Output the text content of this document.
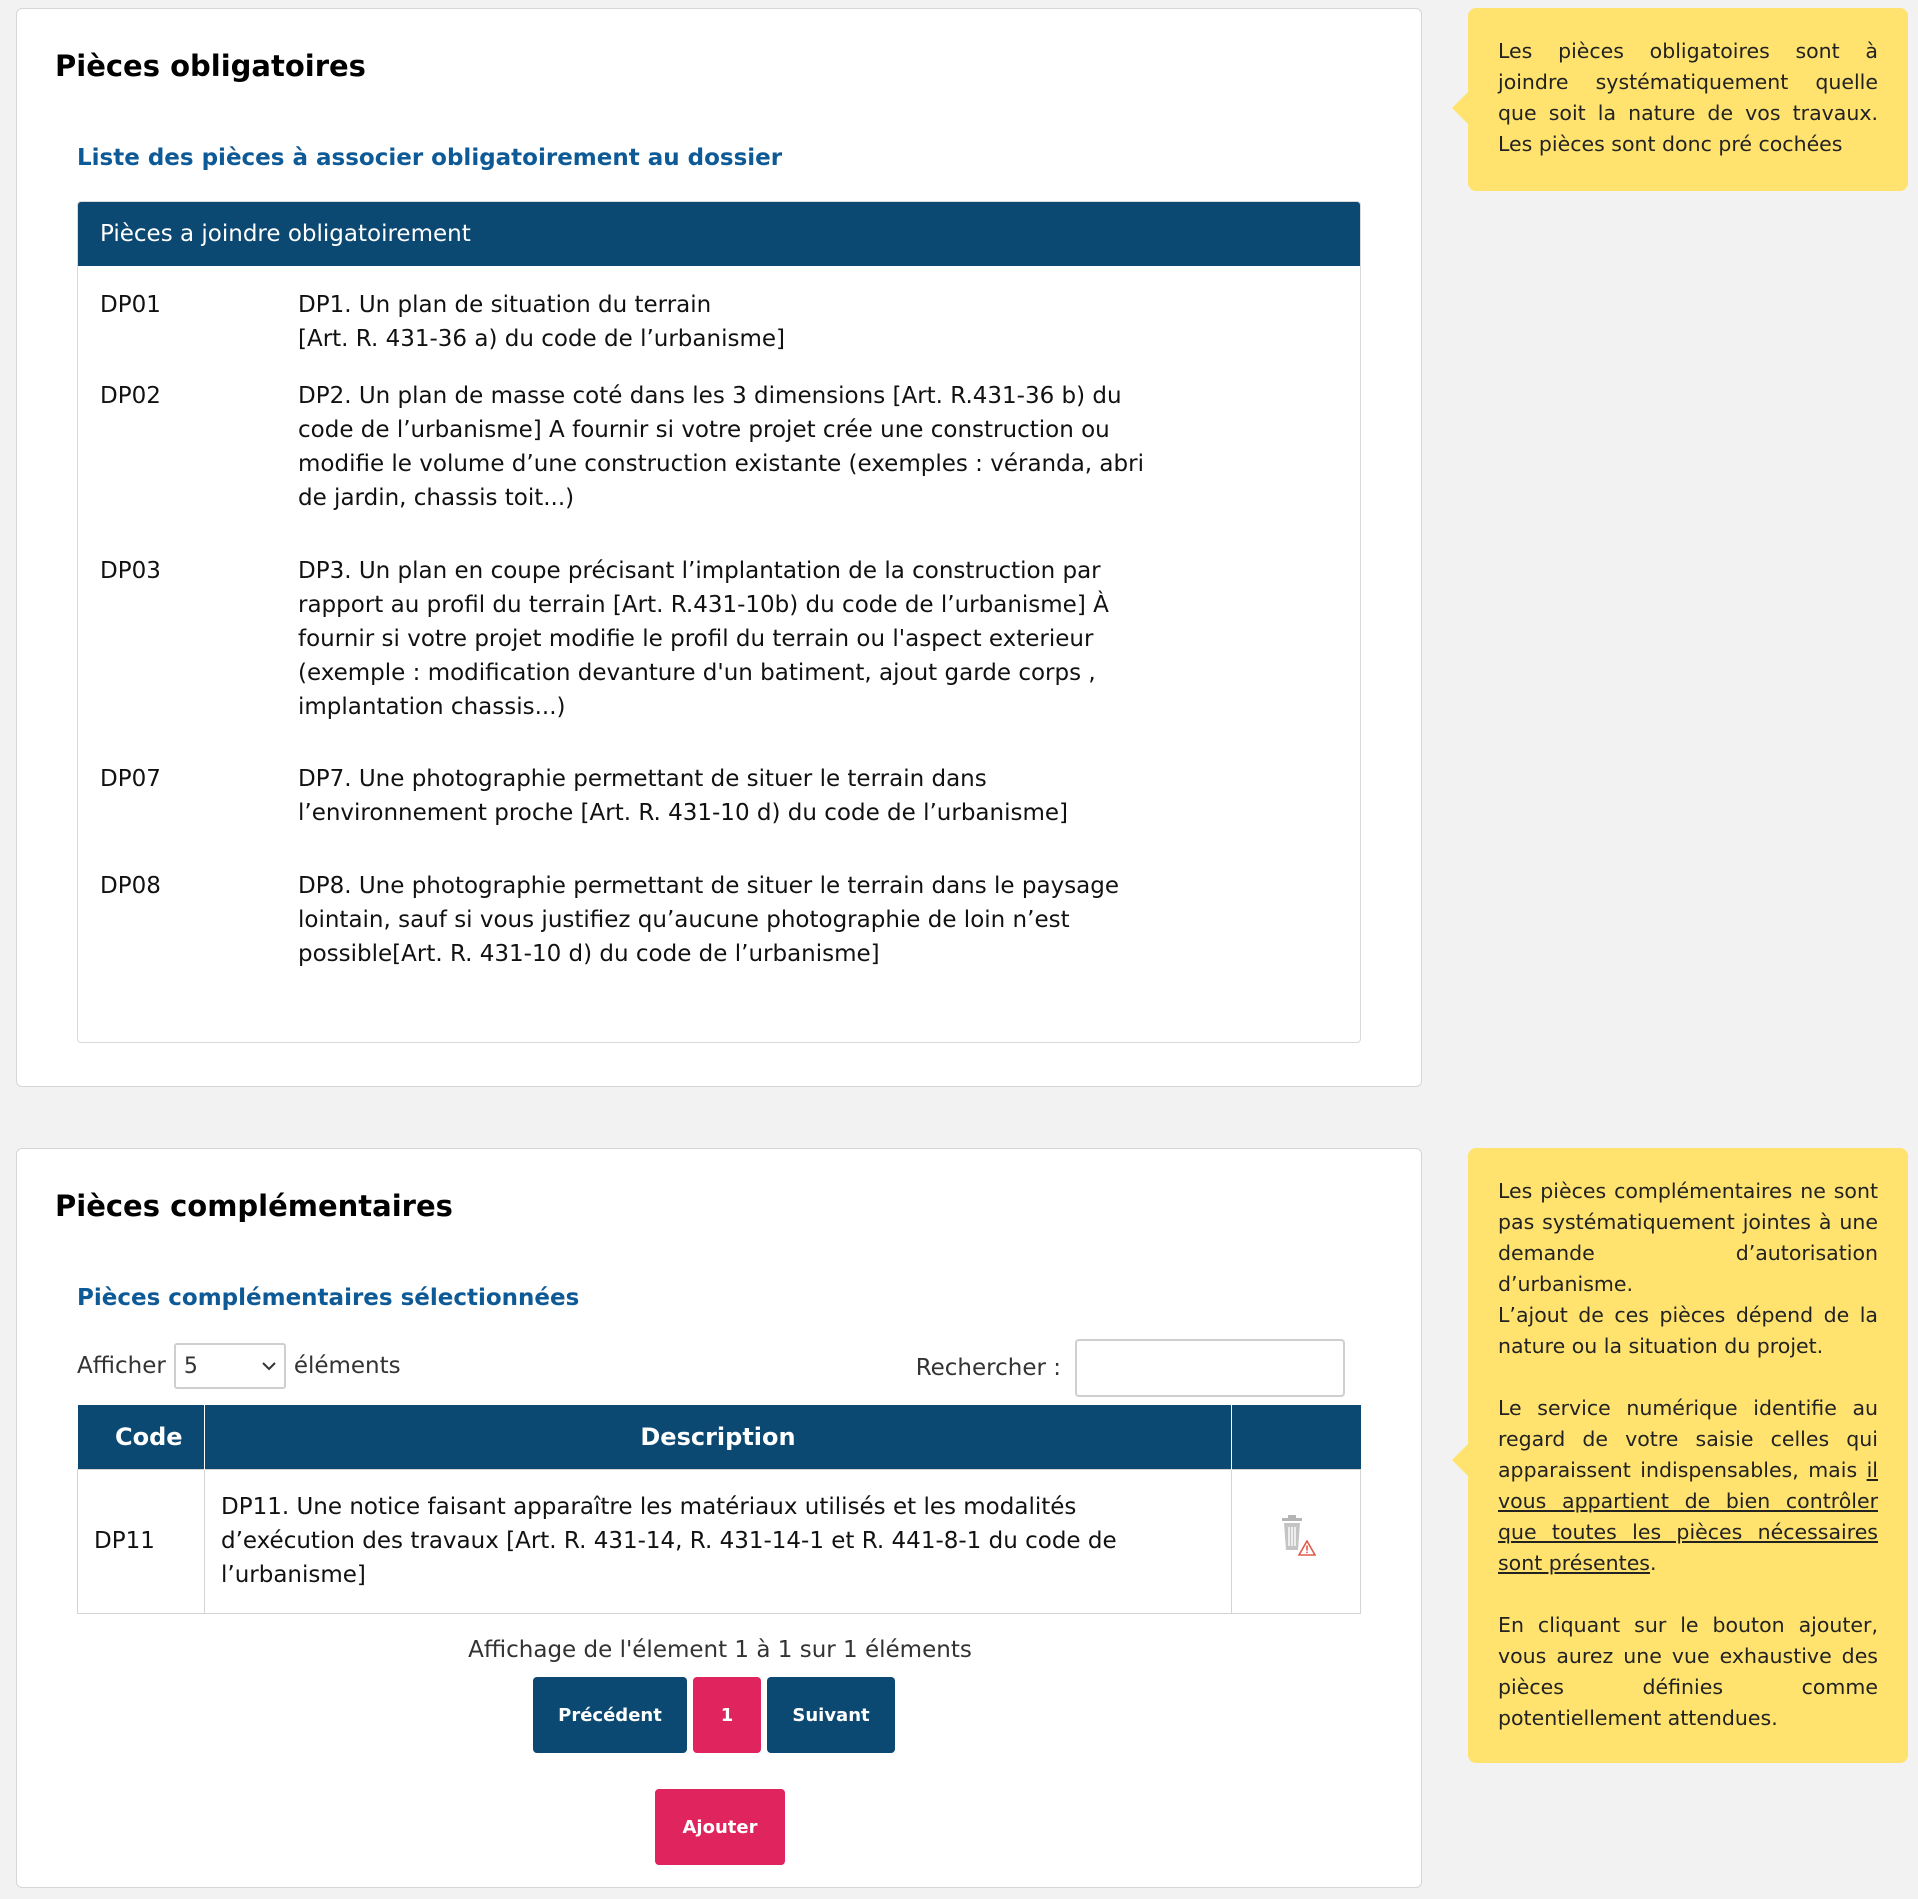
Pièces obligatoires
Liste des pièces à associer obligatoirement au dossier
Pièces a joindre obligatoirement
DP01	DP1. Un plan de situation du terrain
[Art. R. 431-36 a) du code de l’urbanisme]
DP02	DP2. Un plan de masse coté dans les 3 dimensions [Art. R.431-36 b) du code de l’urbanisme] A fournir si votre projet crée une construction ou modifie le volume d’une construction existante (exemples : véranda, abri de jardin, chassis toit...)
DP03	DP3. Un plan en coupe précisant l’implantation de la construction par rapport au profil du terrain [Art. R.431-10b) du code de l’urbanisme] À fournir si votre projet modifie le profil du terrain ou l'aspect exterieur (exemple : modification devanture d'un batiment, ajout garde corps , implantation chassis...)
DP07	DP7. Une photographie permettant de situer le terrain dans l’environnement proche [Art. R. 431-10 d) du code de l’urbanisme]
DP08	DP8. Une photographie permettant de situer le terrain dans le paysage lointain, sauf si vous justifiez qu’aucune photographie de loin n’est possible[Art. R. 431-10 d) du code de l’urbanisme]

Les pièces obligatoires sont à joindre systématiquement quelle que soit la nature de vos travaux. Les pièces sont donc pré cochées

Pièces complémentaires
Pièces complémentaires sélectionnées
Afficher 5	éléments	Rechercher :
Code	Description	
DP11	DP11. Une notice faisant apparaître les matériaux utilisés et les modalités d’exécution des travaux [Art. R. 431-14, R. 431-14-1 et R. 441-8-1 du code de l’urbanisme]	
Affichage de l'élement 1 à 1 sur 1 éléments
Précédent	1	Suivant
Ajouter

Les pièces complémentaires ne sont pas systématiquement jointes à une demande d’autorisation d’urbanisme.

L’ajout de ces pièces dépend de la nature ou la situation du projet.

Le service numérique identifie au regard de votre saisie celles qui apparaissent indispensables, mais il vous appartient de bien contrôler que toutes les pièces nécessaires sont présentes.

En cliquant sur le bouton ajouter, vous aurez une vue exhaustive des pièces définies comme potentiellement attendues.
